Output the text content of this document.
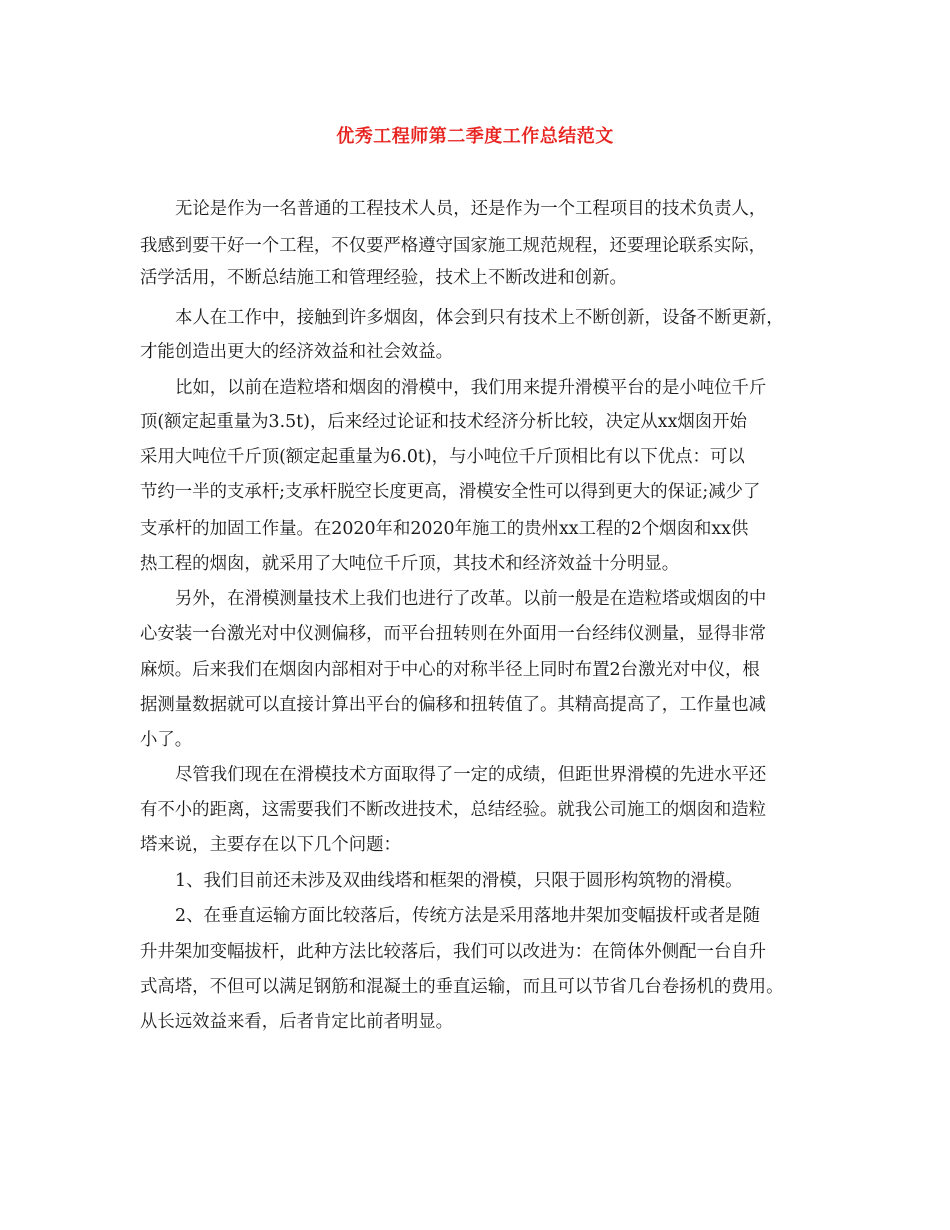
优秀工程师第二季度工作总结范文
无论是作为一名普通的工程技术人员，还是作为一个工程项目的技术负责人，
我感到要干好一个工程，不仅要严格遵守国家施工规范规程，还要理论联系实际，
活学活用，不断总结施工和管理经验，技术上不断改进和创新。
本人在工作中，接触到许多烟囱，体会到只有技术上不断创新，设备不断更新，
才能创造出更大的经济效益和社会效益。
比如，以前在造粒塔和烟囱的滑模中，我们用来提升滑模平台的是小吨位千斤
顶(额定起重量为3.5t)，后来经过论证和技术经济分析比较，决定从xx烟囱开始
采用大吨位千斤顶(额定起重量为6.0t)，与小吨位千斤顶相比有以下优点：可以
节约一半的支承杆;支承杆脱空长度更高，滑模安全性可以得到更大的保证;减少了
支承杆的加固工作量。在2020年和2020年施工的贵州xx工程的2个烟囱和xx供
热工程的烟囱，就采用了大吨位千斤顶，其技术和经济效益十分明显。
另外，在滑模测量技术上我们也进行了改革。以前一般是在造粒塔或烟囱的中
心安装一台激光对中仪测偏移，而平台扭转则在外面用一台经纬仪测量，显得非常
麻烦。后来我们在烟囱内部相对于中心的对称半径上同时布置2台激光对中仪，根
据测量数据就可以直接计算出平台的偏移和扭转值了。其精高提高了，工作量也减
小了。
尽管我们现在在滑模技术方面取得了一定的成绩，但距世界滑模的先进水平还
有不小的距离，这需要我们不断改进技术，总结经验。就我公司施工的烟囱和造粒
塔来说，主要存在以下几个问题：
1、我们目前还未涉及双曲线塔和框架的滑模，只限于圆形构筑物的滑模。
2、在垂直运输方面比较落后，传统方法是采用落地井架加变幅拔杆或者是随
升井架加变幅拔杆，此种方法比较落后，我们可以改进为：在筒体外侧配一台自升
式高塔，不但可以满足钢筋和混凝土的垂直运输，而且可以节省几台卷扬机的费用。
从长远效益来看，后者肯定比前者明显。
